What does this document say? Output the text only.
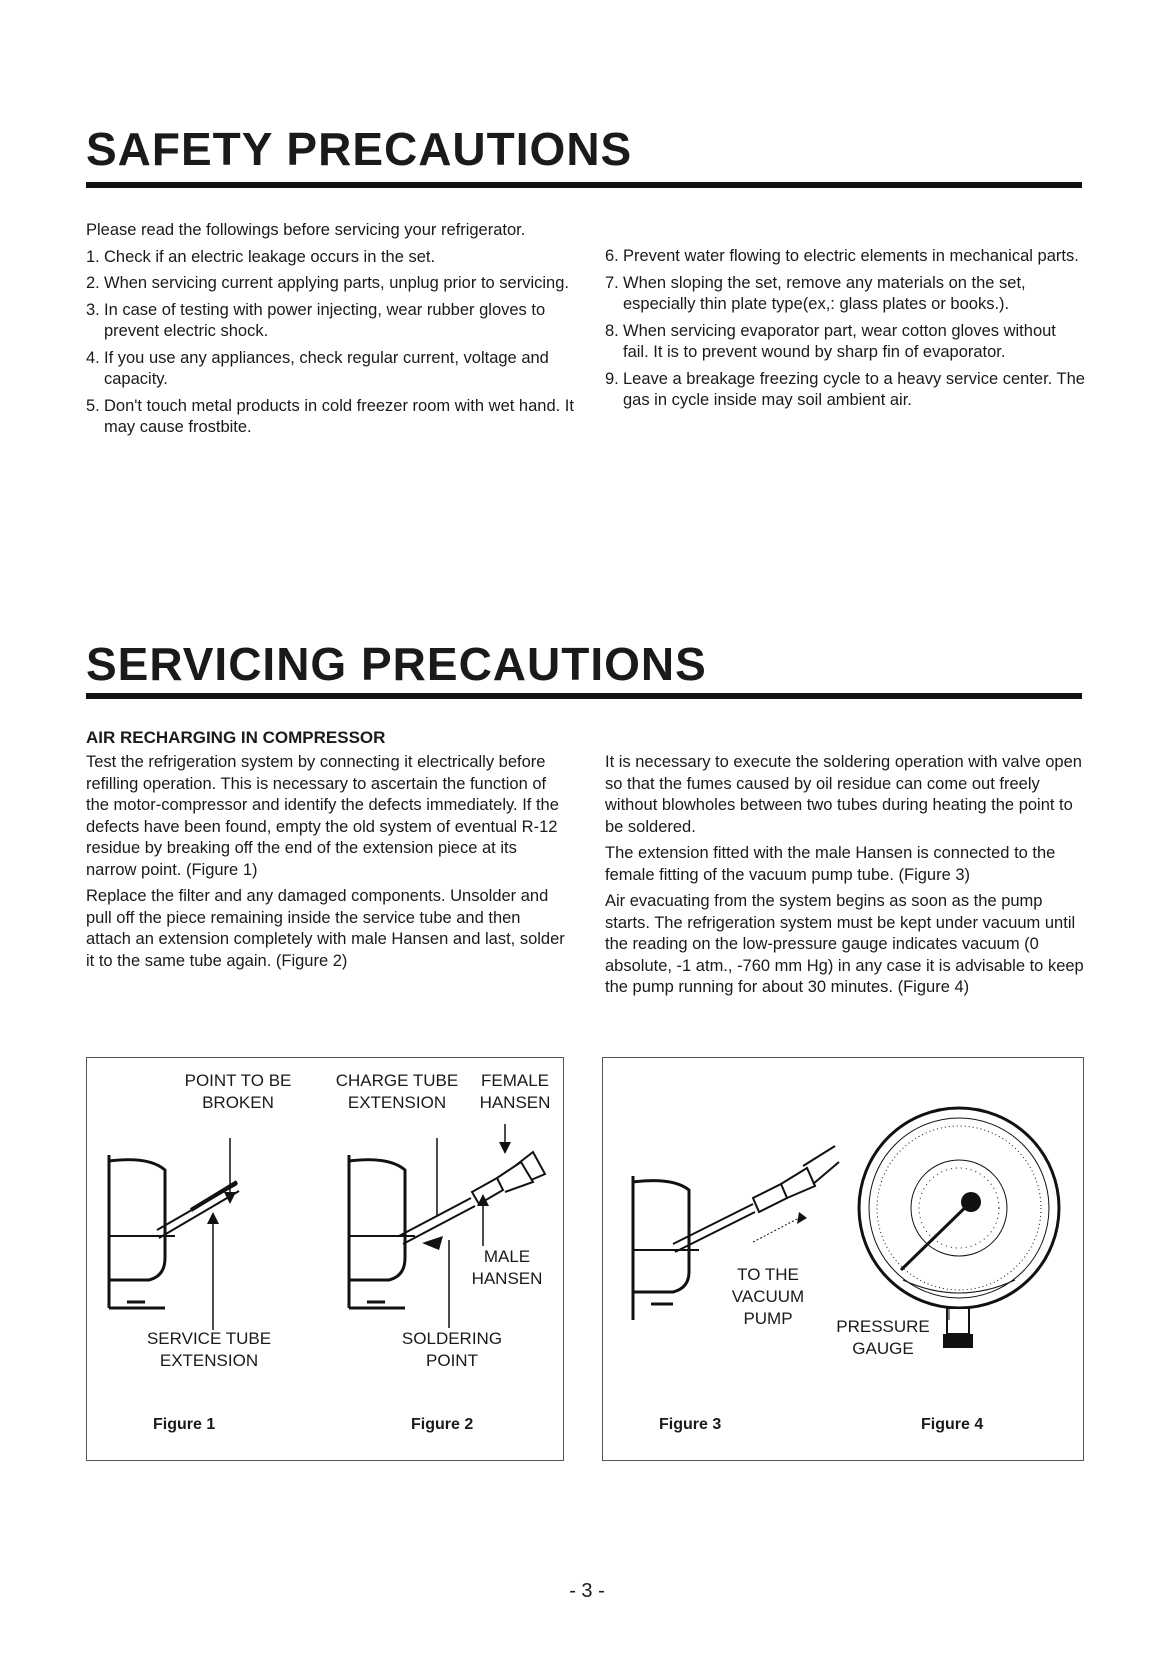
SAFETY PRECAUTIONS

Please read the followings before servicing your refrigerator.

1. Check if an electric leakage occurs in the set.
2. When servicing current applying parts, unplug prior to servicing.
3. In case of testing with power injecting, wear rubber gloves to prevent electric shock.
4. If you use any appliances, check regular current, voltage and capacity.
5. Don't touch metal products in cold freezer room with wet hand. It may cause frostbite.
6. Prevent water flowing to electric elements in mechanical parts.
7. When sloping the set, remove any materials on the set, especially thin plate type(ex,: glass plates or books.).
8. When servicing evaporator part, wear cotton gloves without fail. It is to prevent wound by sharp fin of evaporator.
9. Leave a breakage freezing cycle to a heavy service center. The gas in cycle inside may soil ambient air.
SERVICING PRECAUTIONS
AIR RECHARGING IN COMPRESSOR

Test the refrigeration system by connecting it electrically before refilling operation. This is necessary to ascertain the function of the motor-compressor and identify the defects immediately. If the defects have been found, empty the old system of eventual R-12 residue by breaking off the end of the extension piece at its narrow point. (Figure 1)

Replace the filter and any damaged components. Unsolder and pull off the piece remaining inside the service tube and then attach an extension completely with male Hansen and last, solder it to the same tube again. (Figure 2)

It is necessary to execute the soldering operation with valve open so that the fumes caused by oil residue can come out freely without blowholes between two tubes during heating the point to be soldered.

The extension fitted with the male Hansen is connected to the female fitting of the vacuum pump tube. (Figure 3)

Air evacuating from the system begins as soon as the pump starts. The refrigeration system must be kept under vacuum until the reading on the low-pressure gauge indicates vacuum (0 absolute, -1 atm., -760 mm Hg) in any case it is advisable to keep the pump running for about 30 minutes. (Figure 4)

POINT TO BE
BROKEN
SERVICE TUBE
EXTENSION
Figure 1
CHARGE TUBE
EXTENSION
FEMALE
HANSEN
MALE
HANSEN
SOLDERING
POINT
Figure 2
TO THE
VACUUM
PUMP	PRESSURE
GAUGE
Figure 3	Figure 4
- 3 -
